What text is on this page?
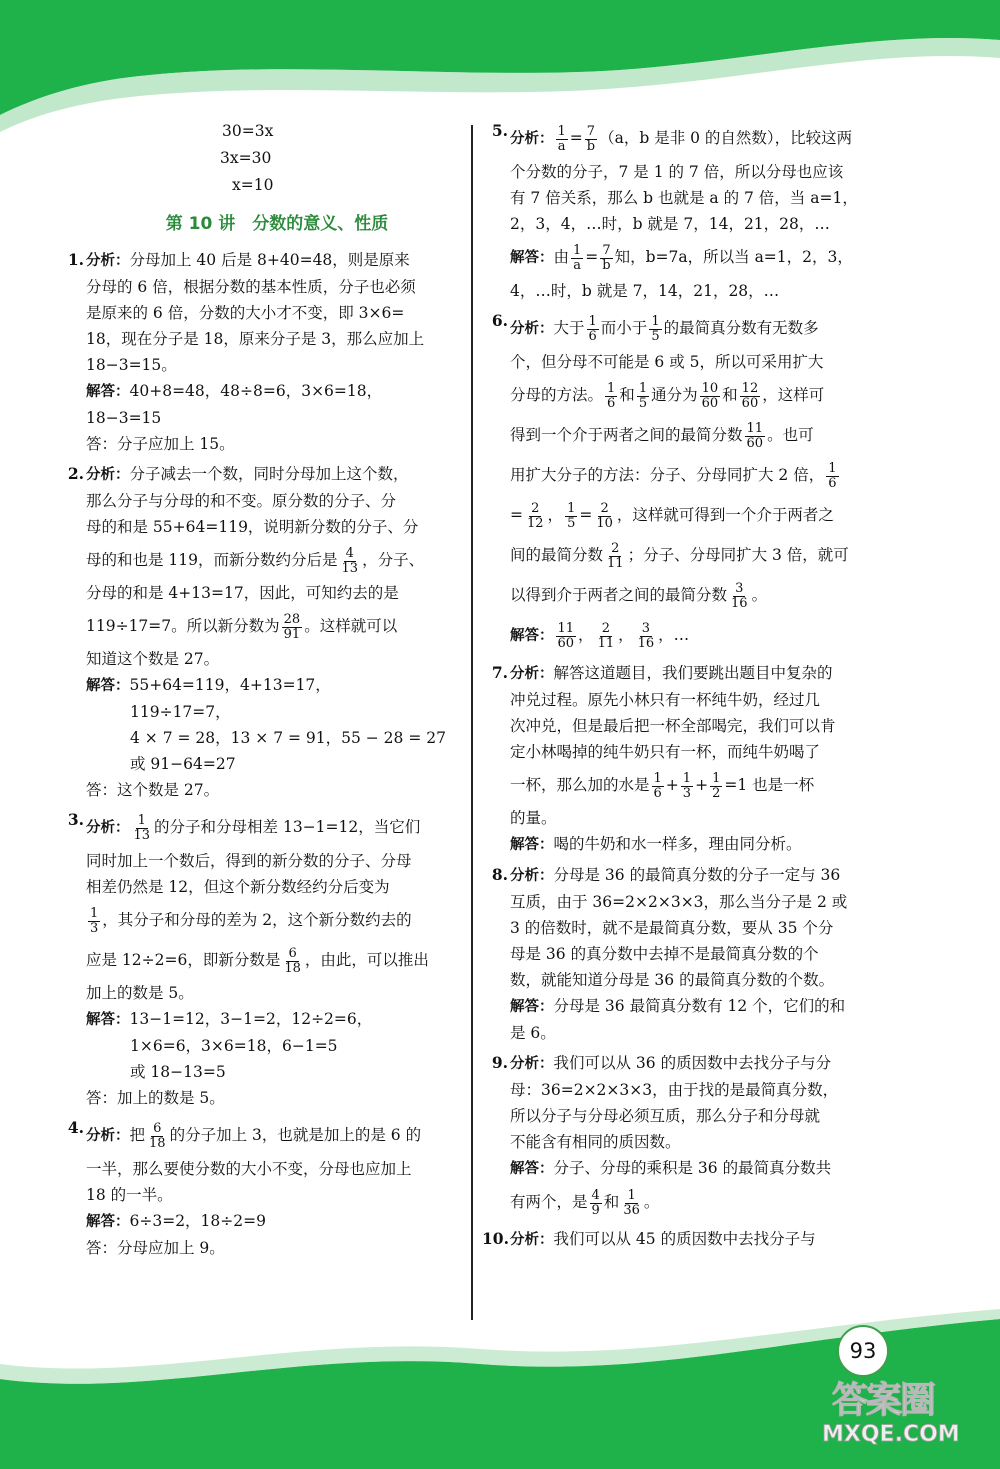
30=3x
3x=30
x=10
第 10 讲　分数的意义、性质
1. 分析：分母加上 40 后是 8+40=48，则是原来
分母的 6 倍，根据分数的基本性质，分子也必须
是原来的 6 倍，分数的大小才不变，即 3×6=
18，现在分子是 18，原来分子是 3，那么应加上
18−3=15。
解答：40+8=48，48÷8=6，3×6=18，
18−3=15
答：分子应加上 15。
2. 分析：分子减去一个数，同时分母加上这个数，
那么分子与分母的和不变。原分数的分子、分
母的和是 55+64=119，说明新分数的分子、分
母的和也是 119，而新分数约分后是 $\frac{4}{13}$ ，分子、
分母的和是 4+13=17，因此，可知约去的是
119÷17=7。所以新分数为 $\frac{28}{91}$ 。这样就可以
知道这个数是 27。
解答：55+64=119，4+13=17，
119÷17=7，
4 × 7 = 28，13 × 7 = 91，55 − 28 = 27
或 91−64=27
答：这个数是 27。
3. 分析： $\frac{1}{13}$ 的分子和分母相差 13−1=12，当它们
同时加上一个数后，得到的新分数的分子、分母
相差仍然是 12，但这个新分数经约分后变为
$\frac{1}{3}$ ，其分子和分母的差为 2，这个新分数约去的
应是 12÷2=6，即新分数是 $\frac{6}{18}$ ，由此，可以推出
加上的数是 5。
解答：13−1=12，3−1=2，12÷2=6，
1×6=6，3×6=18，6−1=5
或 18−13=5
答：加上的数是 5。
4. 分析：把 $\frac{6}{18}$ 的分子加上 3，也就是加上的是 6 的
一半，那么要使分数的大小不变，分母也应加上
18 的一半。
解答：6÷3=2，18÷2=9
答：分母应加上 9。
5. 分析： $\frac{1}{a} = \frac{7}{b} (a$，b 是非 0 的自然数），比较这两
个分数的分子，7 是 1 的 7 倍，所以分母也应该
有 7 倍关系，那么 b 也就是 a 的 7 倍，当 a=1，
2，3，4，…时，b 就是 7，14，21，28，…
解答：由 $\frac{1}{a} = \frac{7}{b}$ 知，b=7a，所以当 a=1，2，3，
4，…时，b 就是 7，14，21，28，…
6. 分析：大于 $\frac{1}{6}$ 而小于 $\frac{1}{5}$ 的最简真分数有无数多
个，但分母不可能是 6 或 5，所以可采用扩大
分母的方法。 $\frac{1}{6}$ 和 $\frac{1}{5}$ 通分为 $\frac{10}{60}$ 和 $\frac{12}{60}$ ，这样可
得到一个介于两者之间的最简分数 $\frac{11}{60}$ 。也可
用扩大分子的方法：分子、分母同扩大 2 倍， $\frac{1}{6}$
= $\frac{2}{12}$ ， $\frac{1}{5} = \frac{2}{10}$ ，这样就可得到一个介于两者之
间的最简分数 $\frac{2}{11}$ ；分子、分母同扩大 3 倍，就可
以得到介于两者之间的最简分数 $\frac{3}{16}$ 。
解答： $\frac{11}{60}$ ， $\frac{2}{11}$ ， $\frac{3}{16}$ ，…
7. 分析：解答这道题目，我们要跳出题目中复杂的
冲兑过程。原先小林只有一杯纯牛奶，经过几
次冲兑，但是最后把一杯全部喝完，我们可以肯
定小林喝掉的纯牛奶只有一杯，而纯牛奶喝了
一杯，那么加的水是 $\frac{1}{6} + \frac{1}{3} + \frac{1}{2} =1$ 也是一杯
的量。
解答：喝的牛奶和水一样多，理由同分析。
8. 分析：分母是 36 的最简真分数的分子一定与 36
互质，由于 36=2×2×3×3，那么当分子是 2 或
3 的倍数时，就不是最简真分数，要从 35 个分
母是 36 的真分数中去掉不是最简真分数的个
数，就能知道分母是 36 的最简真分数的个数。
解答：分母是 36 最简真分数有 12 个，它们的和
是 6。
9. 分析：我们可以从 36 的质因数中去找分子与分
母：36=2×2×3×3，由于找的是最简真分数，
所以分子与分母必须互质，那么分子和分母就
不能含有相同的质因数。
解答：分子、分母的乘积是 36 的最简真分数共
有两个，是 $\frac{4}{9}$ 和 $\frac{1}{36}$ 。
10. 分析：我们可以从 45 的质因数中去找分子与
93
答案圈
MXQE.COM
